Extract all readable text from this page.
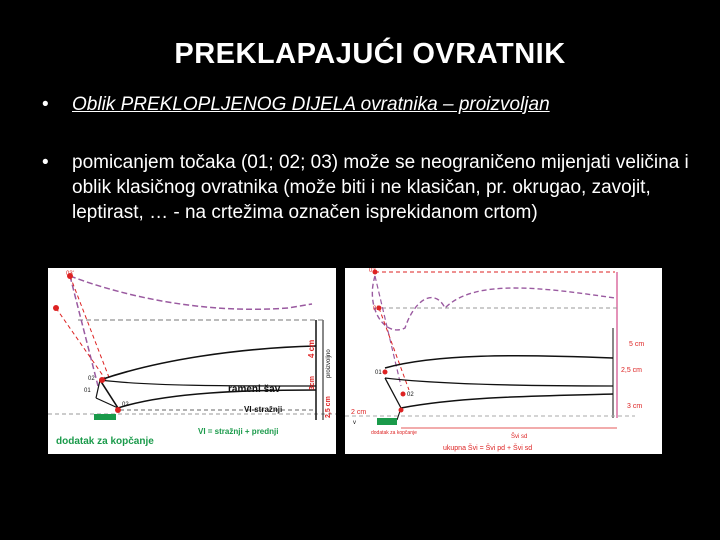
PREKLAPAJUĆI OVRATNIK
• Oblik PREKLOPLJENOG DIJELA ovratnika – proizvoljan
• pomicanjem točaka (01; 02; 03) može se neograničeno mijenjati veličina i oblik klasičnog ovratnika (može biti i ne klasičan, pr. okrugao, zavojit, leptirast, … - na crtežima označen isprekidanom crtom)
03'
02
01
02
rameni šav
VI-stražnji
VI = stražnji + prednji
dodatak za kopčanje
4 cm
3cm
2,5 cm
proizvoljno
03
02
01
02
5 cm
2,5 cm
3 cm
2 cm
v
dodatak za kopčanje
ukupna Švi = Švi pd + Švi sd
Švi sd
